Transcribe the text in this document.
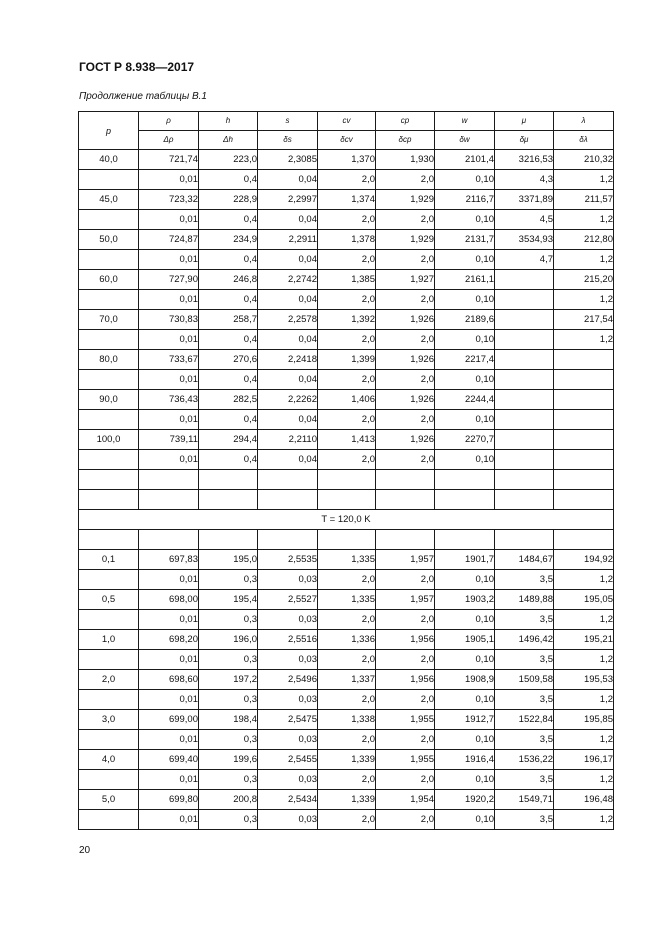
ГОСТ Р 8.938—2017
Продолжение таблицы В.1
p	ρ	h	s	cv	cp	w	μ	λ
	Δρ	Δh	δs	δcv	δcp	δw	δμ	δλ
40,0	721,74	223,0	2,3085	1,370	1,930	2101,4	3216,53	210,32
	0,01	0,4	0,04	2,0	2,0	0,10	4,3	1,2
45,0	723,32	228,9	2,2997	1,374	1,929	2116,7	3371,89	211,57
	0,01	0,4	0,04	2,0	2,0	0,10	4,5	1,2
50,0	724,87	234,9	2,2911	1,378	1,929	2131,7	3534,93	212,80
	0,01	0,4	0,04	2,0	2,0	0,10	4,7	1,2
60,0	727,90	246,8	2,2742	1,385	1,927	2161,1		215,20
	0,01	0,4	0,04	2,0	2,0	0,10		1,2
70,0	730,83	258,7	2,2578	1,392	1,926	2189,6		217,54
	0,01	0,4	0,04	2,0	2,0	0,10		1,2
80,0	733,67	270,6	2,2418	1,399	1,926	2217,4		
	0,01	0,4	0,04	2,0	2,0	0,10		
90,0	736,43	282,5	2,2262	1,406	1,926	2244,4		
	0,01	0,4	0,04	2,0	2,0	0,10		
100,0	739,11	294,4	2,2110	1,413	1,926	2270,7		
	0,01	0,4	0,04	2,0	2,0	0,10		

T = 120,0 K								

0,1	697,83	195,0	2,5535	1,335	1,957	1901,7	1484,67	194,92
	0,01	0,3	0,03	2,0	2,0	0,10	3,5	1,2
0,5	698,00	195,4	2,5527	1,335	1,957	1903,2	1489,88	195,05
	0,01	0,3	0,03	2,0	2,0	0,10	3,5	1,2
1,0	698,20	196,0	2,5516	1,336	1,956	1905,1	1496,42	195,21
	0,01	0,3	0,03	2,0	2,0	0,10	3,5	1,2
2,0	698,60	197,2	2,5496	1,337	1,956	1908,9	1509,58	195,53
	0,01	0,3	0,03	2,0	2,0	0,10	3,5	1,2
3,0	699,00	198,4	2,5475	1,338	1,955	1912,7	1522,84	195,85
	0,01	0,3	0,03	2,0	2,0	0,10	3,5	1,2
4,0	699,40	199,6	2,5455	1,339	1,955	1916,4	1536,22	196,17
	0,01	0,3	0,03	2,0	2,0	0,10	3,5	1,2
5,0	699,80	200,8	2,5434	1,339	1,954	1920,2	1549,71	196,48
	0,01	0,3	0,03	2,0	2,0	0,10	3,5	1,2
20
